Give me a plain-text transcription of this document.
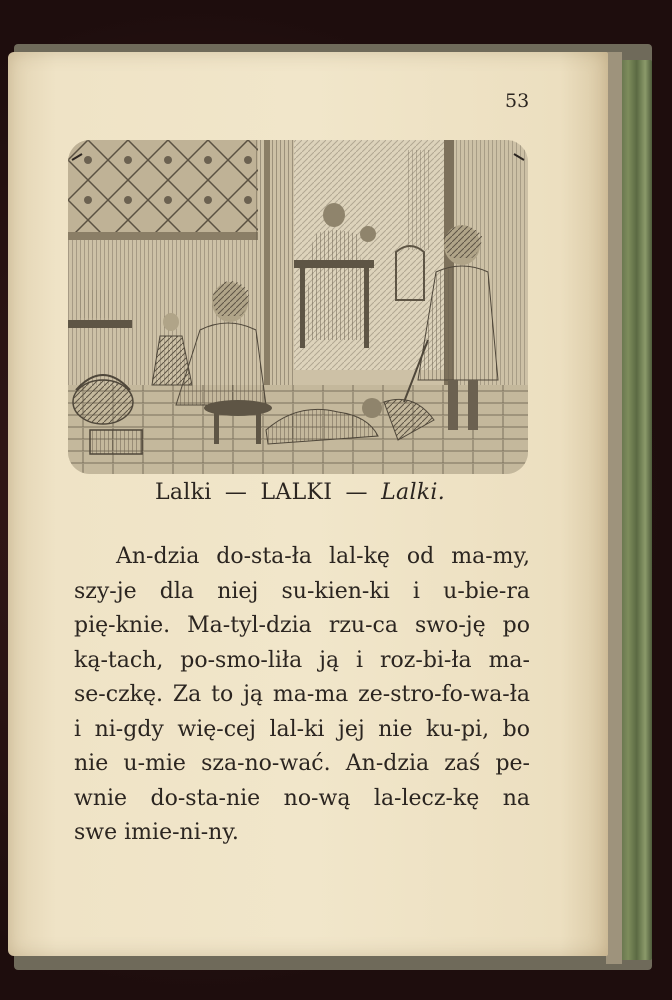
53
Lalki — LALKI — Lalki.
An-dzia do-sta-ła lal-kę od ma-my,
szy-je dla niej su-kien-ki i u-bie-ra
pię-knie. Ma-tyl-dzia rzu-ca swo-ję po
ką-tach, po-smo-liła ją i roz-bi-ła ma-
se-czkę. Za to ją ma-ma ze-stro-fo-wa-ła
i ni-gdy wię-cej lal-ki jej nie ku-pi, bo
nie u-mie sza-no-wać. An-dzia zaś pe-
wnie do-sta-nie no-wą la-lecz-kę na
swe imie-ni-ny.
